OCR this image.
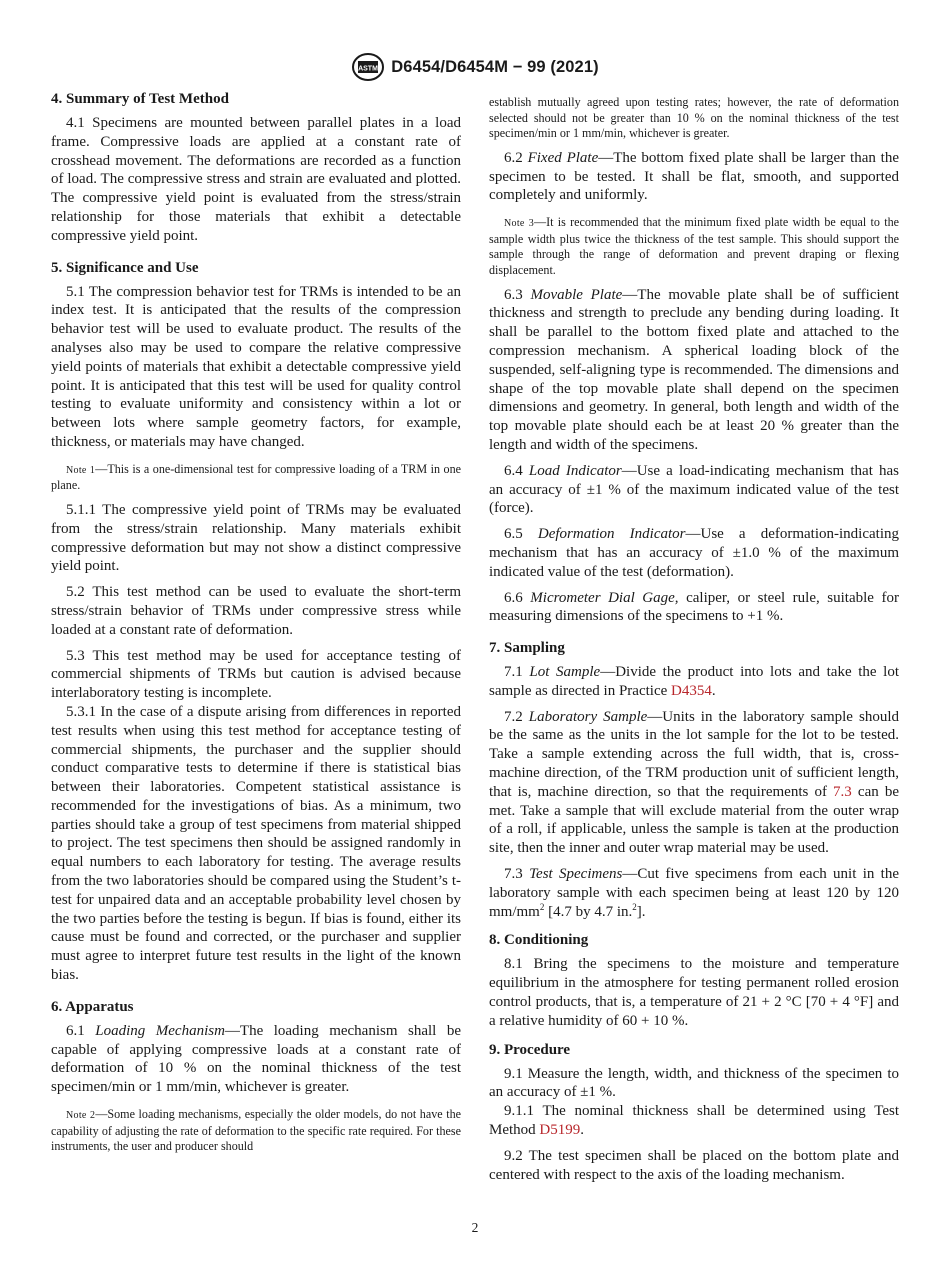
ASTM D6454/D6454M − 99 (2021)
4. Summary of Test Method

4.1 Specimens are mounted between parallel plates in a load frame. Compressive loads are applied at a constant rate of crosshead movement. The deformations are recorded as a function of load. The compressive stress and strain are evaluated and plotted. The compressive yield point is evaluated from the stress/strain relationship for those materials that exhibit a detectable compressive yield point.

5. Significance and Use

5.1 The compression behavior test for TRMs is intended to be an index test. It is anticipated that the results of the compression behavior test will be used to evaluate product. The results of the analyses also may be used to compare the relative compressive yield points of materials that exhibit a detectable compressive yield point. It is anticipated that this test will be used for quality control testing to evaluate uniformity and consistency within a lot or between lots where sample geometry factors, for example, thickness, or materials may have changed.

Note 1—This is a one-dimensional test for compressive loading of a TRM in one plane.

5.1.1 The compressive yield point of TRMs may be evaluated from the stress/strain relationship. Many materials exhibit compressive deformation but may not show a distinct compressive yield point.

5.2 This test method can be used to evaluate the short-term stress/strain behavior of TRMs under compressive stress while loaded at a constant rate of deformation.

5.3 This test method may be used for acceptance testing of commercial shipments of TRMs but caution is advised because interlaboratory testing is incomplete.

5.3.1 In the case of a dispute arising from differences in reported test results when using this test method for acceptance testing of commercial shipments, the purchaser and the supplier should conduct comparative tests to determine if there is statistical bias between their laboratories. Competent statistical assistance is recommended for the investigations of bias. As a minimum, two parties should take a group of test specimens from material shipped to project. The test specimens then should be assigned randomly in equal numbers to each laboratory for testing. The average results from the two laboratories should be compared using the Student’s t-test for unpaired data and an acceptable probability level chosen by the two parties before the testing is begun. If bias is found, either its cause must be found and corrected, or the purchaser and supplier must agree to interpret future test results in the light of the known bias.

6. Apparatus

6.1 Loading Mechanism—The loading mechanism shall be capable of applying compressive loads at a constant rate of deformation of 10 % on the nominal thickness of the test specimen/min or 1 mm/min, whichever is greater.

Note 2—Some loading mechanisms, especially the older models, do not have the capability of adjusting the rate of deformation to the specific rate required. For these instruments, the user and producer should
establish mutually agreed upon testing rates; however, the rate of deformation selected should not be greater than 10 % on the nominal thickness of the test specimen/min or 1 mm/min, whichever is greater.

6.2 Fixed Plate—The bottom fixed plate shall be larger than the specimen to be tested. It shall be flat, smooth, and supported completely and uniformly.

Note 3—It is recommended that the minimum fixed plate width be equal to the sample width plus twice the thickness of the test sample. This should support the sample through the range of deformation and prevent draping or flexing displacement.

6.3 Movable Plate—The movable plate shall be of sufficient thickness and strength to preclude any bending during loading. It shall be parallel to the bottom fixed plate and attached to the compression mechanism. A spherical loading block of the suspended, self-aligning type is recommended. The dimensions and shape of the top movable plate shall depend on the specimen dimensions and geometry. In general, both length and width of the top movable plate should each be at least 20 % greater than the length and width of the specimens.

6.4 Load Indicator—Use a load-indicating mechanism that has an accuracy of ±1 % of the maximum indicated value of the test (force).

6.5 Deformation Indicator—Use a deformation-indicating mechanism that has an accuracy of ±1.0 % of the maximum indicated value of the test (deformation).

6.6 Micrometer Dial Gage, caliper, or steel rule, suitable for measuring dimensions of the specimens to +1 %.

7. Sampling

7.1 Lot Sample—Divide the product into lots and take the lot sample as directed in Practice D4354.

7.2 Laboratory Sample—Units in the laboratory sample should be the same as the units in the lot sample for the lot to be tested. Take a sample extending across the full width, that is, cross-machine direction, of the TRM production unit of sufficient length, that is, machine direction, so that the requirements of 7.3 can be met. Take a sample that will exclude material from the outer wrap of a roll, if applicable, unless the sample is taken at the production site, then the inner and outer wrap material may be used.

7.3 Test Specimens—Cut five specimens from each unit in the laboratory sample with each specimen being at least 120 by 120 $mm/mm^2$ [4.7 by 4.7 in.$^2$].

8. Conditioning

8.1 Bring the specimens to the moisture and temperature equilibrium in the atmosphere for testing permanent rolled erosion control products, that is, a temperature of 21 + 2 °C [70 + 4 °F] and a relative humidity of 60 + 10 %.

9. Procedure

9.1 Measure the length, width, and thickness of the specimen to an accuracy of ±1 %.

9.1.1 The nominal thickness shall be determined using Test Method D5199.

9.2 The test specimen shall be placed on the bottom plate and centered with respect to the axis of the loading mechanism.

2
